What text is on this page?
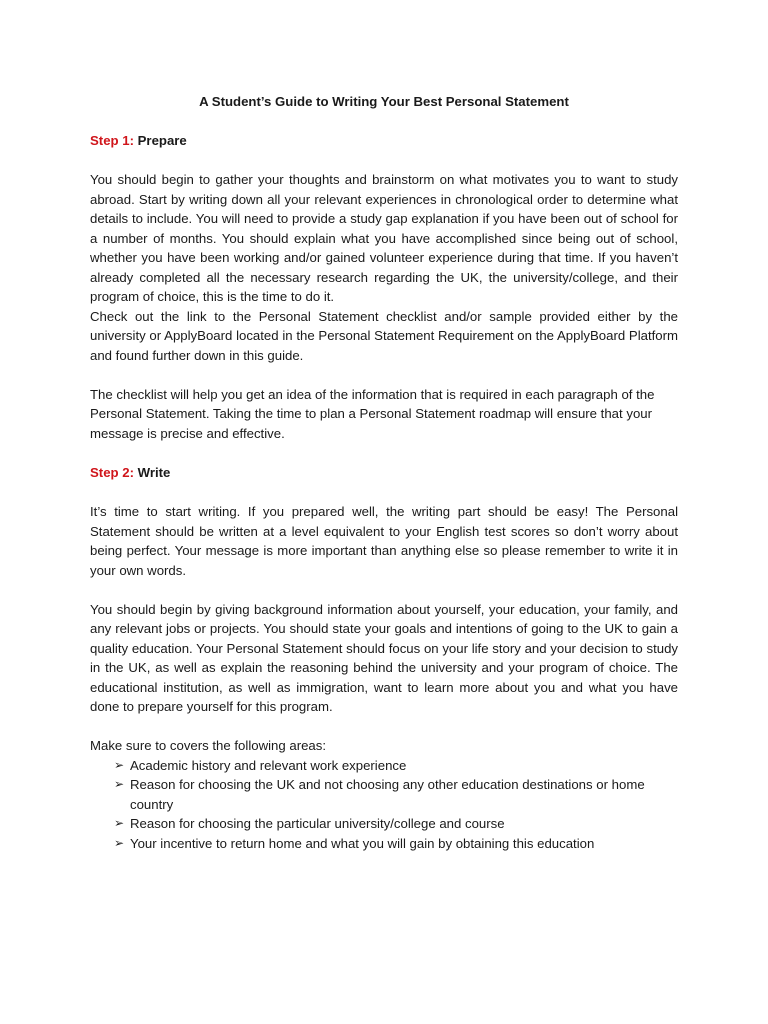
A Student’s Guide to Writing Your Best Personal Statement
Step 1: Prepare

You should begin to gather your thoughts and brainstorm on what motivates you to want to study abroad. Start by writing down all your relevant experiences in chronological order to determine what details to include. You will need to provide a study gap explanation if you have been out of school for a number of months. You should explain what you have accomplished since being out of school, whether you have been working and/or gained volunteer experience during that time. If you haven’t already completed all the necessary research regarding the UK, the university/college, and their program of choice, this is the time to do it.

Check out the link to the Personal Statement checklist and/or sample provided either by the university or ApplyBoard located in the Personal Statement Requirement on the ApplyBoard Platform and found further down in this guide.

The checklist will help you get an idea of the information that is required in each paragraph of the Personal Statement. Taking the time to plan a Personal Statement roadmap will ensure that your message is precise and effective.

Step 2: Write

It’s time to start writing. If you prepared well, the writing part should be easy! The Personal Statement should be written at a level equivalent to your English test scores so don’t worry about being perfect. Your message is more important than anything else so please remember to write it in your own words.

You should begin by giving background information about yourself, your education, your family, and any relevant jobs or projects. You should state your goals and intentions of going to the UK to gain a quality education. Your Personal Statement should focus on your life story and your decision to study in the UK, as well as explain the reasoning behind the university and your program of choice. The educational institution, as well as immigration, want to learn more about you and what you have done to prepare yourself for this program.

Make sure to covers the following areas:

➢ Academic history and relevant work experience
➢ Reason for choosing the UK and not choosing any other education destinations or home country
➢ Reason for choosing the particular university/college and course
➢ Your incentive to return home and what you will gain by obtaining this education
